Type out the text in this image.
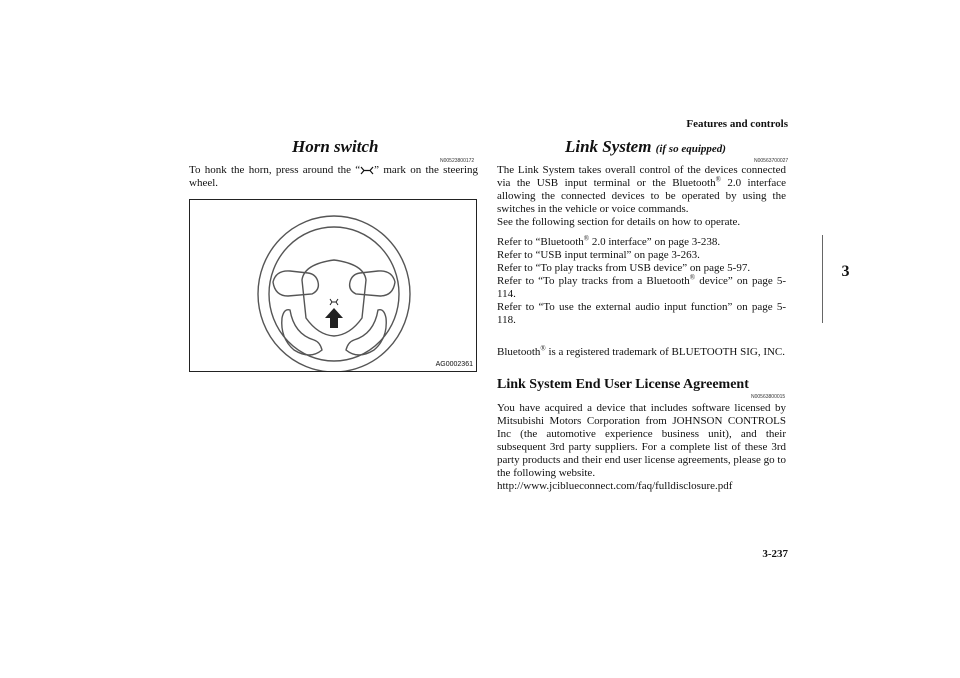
Features and controls
3
Horn switch
N00523800172
To honk the horn, press around the “ ” mark on the steering wheel.
AG0002361
Link System (if so equipped)
N00563700027
The Link System takes overall control of the devices connected via the USB input terminal or the Bluetooth® 2.0 interface allowing the connected devices to be operated by using the switches in the vehicle or voice commands.
See the following section for details on how to operate.
Refer to “Bluetooth® 2.0 interface” on page 3-238.
Refer to “USB input terminal” on page 3-263.
Refer to “To play tracks from USB device” on page 5-97.
Refer to “To play tracks from a Bluetooth® device” on page 5-114.
Refer to “To use the external audio input function” on page 5-118.
Bluetooth® is a registered trademark of BLUETOOTH SIG, INC.
Link System End User License Agreement
N00563800015
You have acquired a device that includes software licensed by Mitsubishi Motors Corporation from JOHNSON CONTROLS Inc (the automotive experience business unit), and their subsequent 3rd party suppliers. For a complete list of these 3rd party products and their end user license agreements, please go to the following website.
http://www.jciblueconnect.com/faq/fulldisclosure.pdf
3-237
